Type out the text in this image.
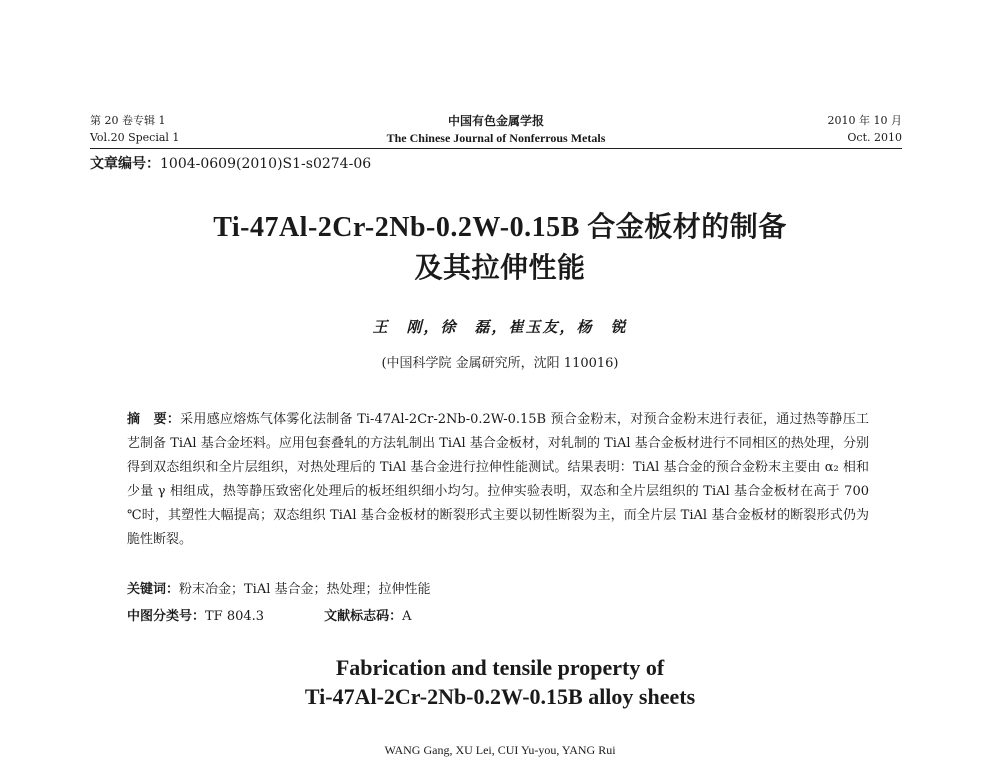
第 20 卷专辑 1	中国有色金属学报	2010 年 10 月
Vol.20 Special 1	The Chinese Journal of Nonferrous Metals	Oct. 2010
文章编号：1004-0609(2010)S1-s0274-06
Ti-47Al-2Cr-2Nb-0.2W-0.15B 合金板材的制备
及其拉伸性能
王　刚，徐　磊，崔玉友，杨　锐
(中国科学院 金属研究所，沈阳 110016)
摘　要：采用感应熔炼气体雾化法制备 Ti-47Al-2Cr-2Nb-0.2W-0.15B 预合金粉末，对预合金粉末进行表征，通过热等静压工艺制备 TiAl 基合金坯料。应用包套叠轧的方法轧制出 TiAl 基合金板材，对轧制的 TiAl 基合金板材进行不同相区的热处理，分别得到双态组织和全片层组织，对热处理后的 TiAl 基合金进行拉伸性能测试。结果表明：TiAl 基合金的预合金粉末主要由 α₂ 相和少量 γ 相组成，热等静压致密化处理后的板坯组织细小均匀。拉伸实验表明，双态和全片层组织的 TiAl 基合金板材在高于 700 ℃时，其塑性大幅提高；双态组织 TiAl 基合金板材的断裂形式主要以韧性断裂为主，而全片层 TiAl 基合金板材的断裂形式仍为脆性断裂。
关键词：粉末冶金；TiAl 基合金；热处理；拉伸性能
中图分类号：TF 804.3	文献标志码：A
Fabrication and tensile property of
Ti-47Al-2Cr-2Nb-0.2W-0.15B alloy sheets
WANG Gang, XU Lei, CUI Yu-you, YANG Rui
